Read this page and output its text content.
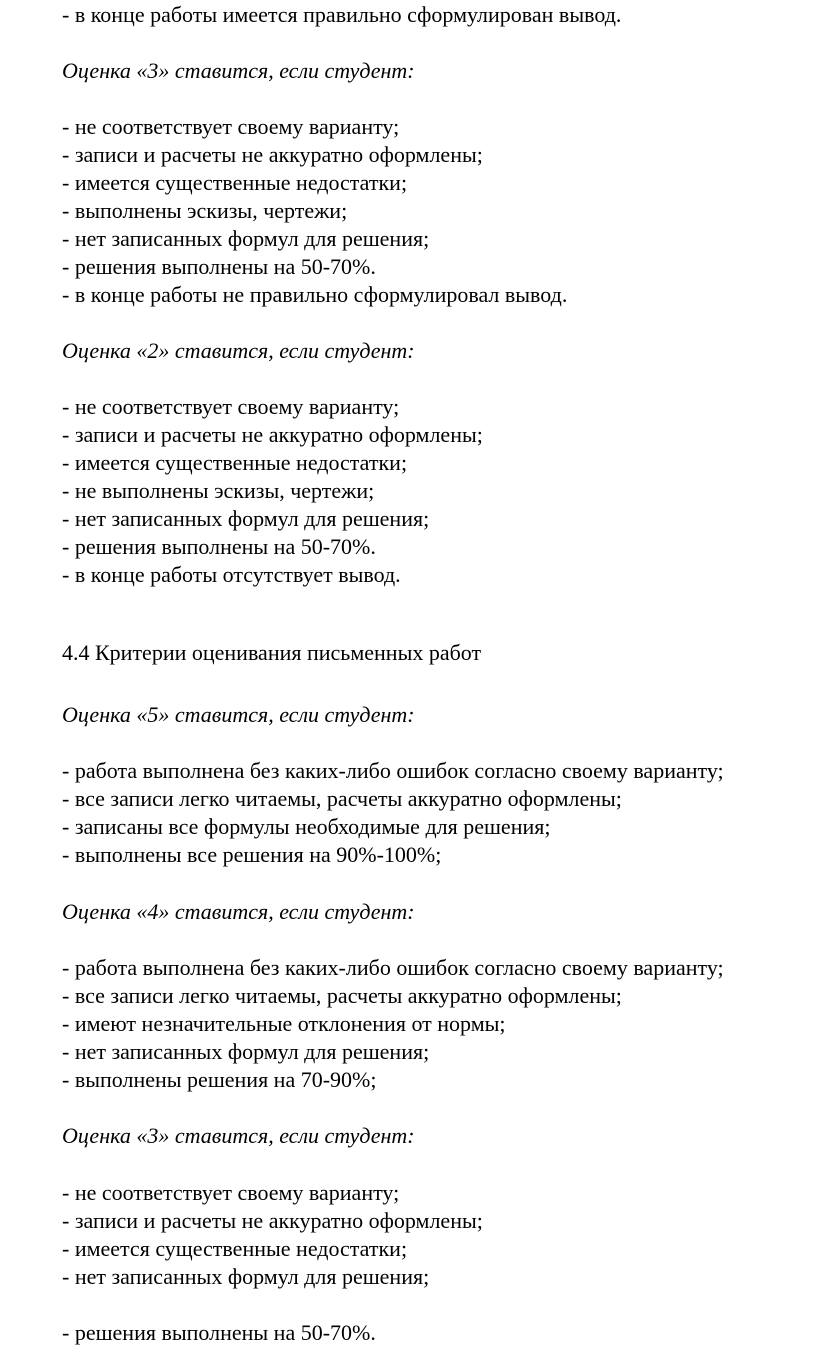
- в конце работы имеется правильно сформулирован вывод.

Оценка «3» ставится, если студент:

- не соответствует своему варианту;

- записи и расчеты не аккуратно оформлены;

- имеется существенные недостатки;

- выполнены эскизы, чертежи;

- нет записанных формул для решения;

- решения выполнены на 50-70%.

- в конце работы не правильно сформулировал вывод.

Оценка «2» ставится, если студент:

- не соответствует своему варианту;

- записи и расчеты не аккуратно оформлены;

- имеется существенные недостатки;

- не выполнены эскизы, чертежи;

- нет записанных формул для решения;

- решения выполнены на 50-70%.

- в конце работы отсутствует вывод.

4.4 Критерии оценивания письменных работ

Оценка «5» ставится, если студент:

- работа выполнена без каких-либо ошибок согласно своему варианту;

- все записи легко читаемы, расчеты аккуратно оформлены;

- записаны все формулы необходимые для решения;

- выполнены все решения на 90%-100%;

Оценка «4» ставится, если студент:

- работа выполнена без каких-либо ошибок согласно своему варианту;

- все записи легко читаемы, расчеты аккуратно оформлены;

- имеют незначительные отклонения от нормы;

- нет записанных формул для решения;

- выполнены решения на 70-90%;

Оценка «3» ставится, если студент:

- не соответствует своему варианту;

- записи и расчеты не аккуратно оформлены;

- имеется существенные недостатки;

- нет записанных формул для решения;

- решения выполнены на 50-70%.
